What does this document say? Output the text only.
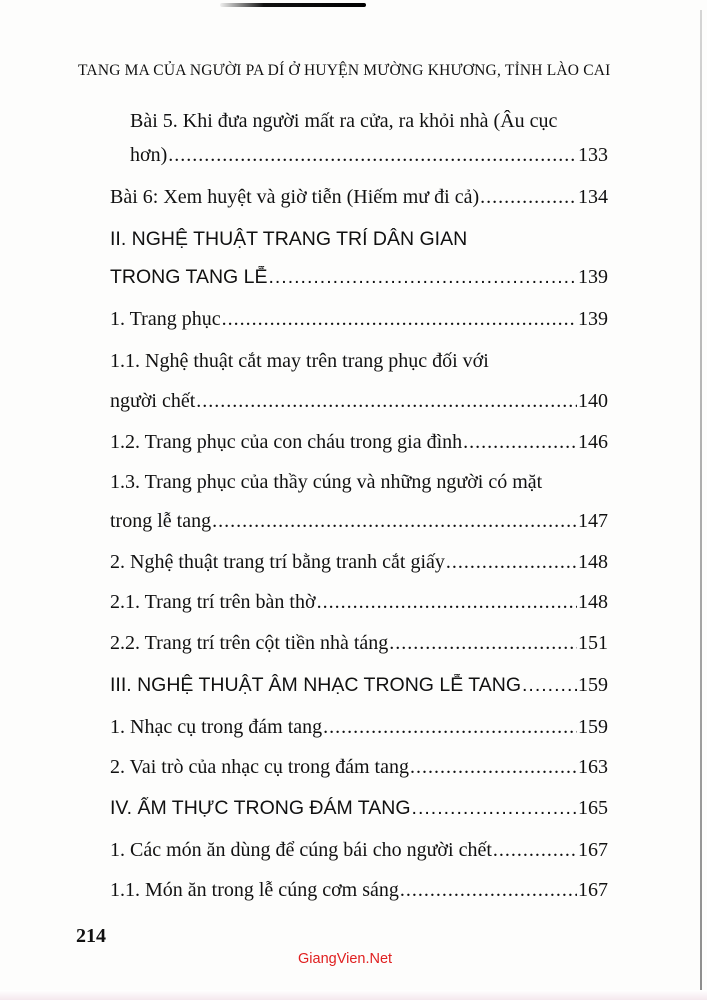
TANG MA CỦA NGƯỜI PA DÍ Ở HUYỆN MƯỜNG KHƯƠNG, TỈNH LÀO CAI
Bài 5. Khi đưa người mất ra cửa, ra khỏi nhà (Âu cục
hơn) .....	133
Bài 6: Xem huyệt và giờ tiễn (Hiếm mư đi cả) .....	134
II. NGHỆ THUẬT TRANG TRÍ DÂN GIAN
TRONG TANG LỄ .....	139
1. Trang phục .....	139
1.1. Nghệ thuật cắt may trên trang phục đối với
người chết .....	140
1.2. Trang phục của con cháu trong gia đình .....	146
1.3. Trang phục của thầy cúng và những người có mặt
trong lễ tang .....	147
2. Nghệ thuật trang trí bằng tranh cắt giấy .....	148
2.1. Trang trí trên bàn thờ .....	148
2.2. Trang trí trên cột tiền nhà táng .....	151
III. NGHỆ THUẬT ÂM NHẠC TRONG LỄ TANG .....	159
1. Nhạc cụ trong đám tang .....	159
2. Vai trò của nhạc cụ trong đám tang .....	163
IV. ẨM THỰC TRONG ĐÁM TANG .....	165
1. Các món ăn dùng để cúng bái cho người chết .....	167
1.1. Món ăn trong lễ cúng cơm sáng .....	167
214
GiangVien.Net
